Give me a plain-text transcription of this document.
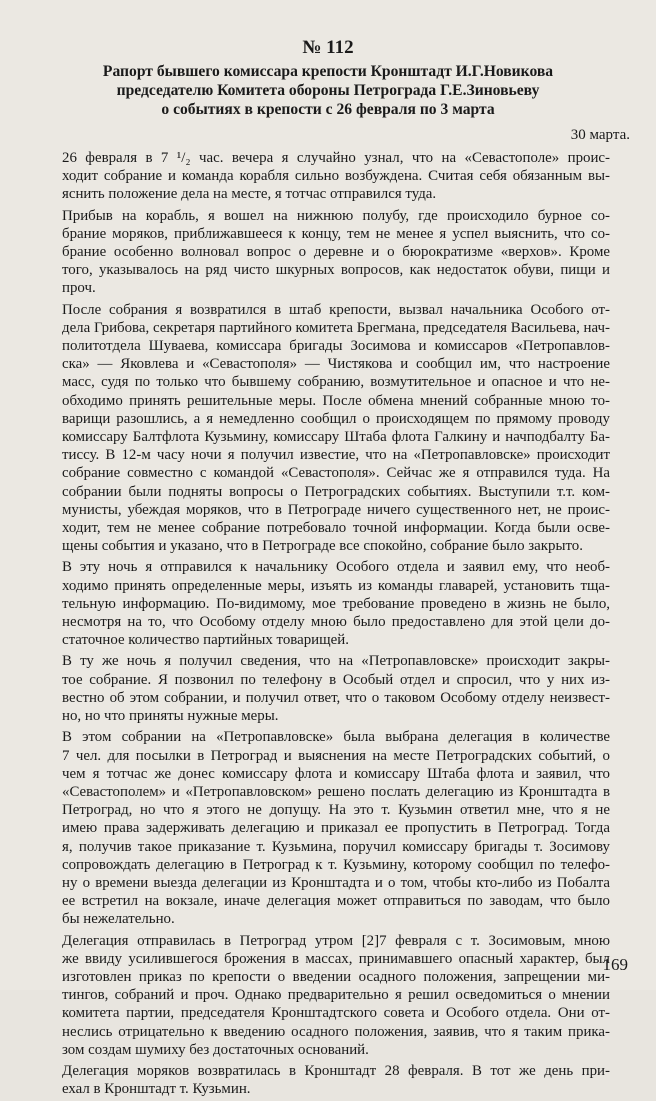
№ 112
Рапорт бывшего комиссара крепости Кронштадт И.Г.Новикова
председателю Комитета обороны Петрограда Г.Е.Зиновьеву
о событиях в крепости с 26 февраля по 3 марта
30 марта.
26 февраля в 7 ¹/₂ час. вечера я случайно узнал, что на «Севастополе» проис-
ходит собрание и команда корабля сильно возбуждена. Считая себя обязанным вы-
яснить положение дела на месте, я тотчас отправился туда.
Прибыв на корабль, я вошел на нижнюю полубу, где происходило бурное со-
брание моряков, приближавшееся к концу, тем не менее я успел выяснить, что со-
брание особенно волновал вопрос о деревне и о бюрократизме «верхов». Кроме
того, указывалось на ряд чисто шкурных вопросов, как недостаток обуви, пищи и
проч.
После собрания я возвратился в штаб крепости, вызвал начальника Особого от-
дела Грибова, секретаря партийного комитета Брегмана, председателя Васильева, нач-
политотдела Шуваева, комиссара бригады Зосимова и комиссаров «Петропавлов-
ска» — Яковлева и «Севастополя» — Чистякова и сообщил им, что настроение
масс, судя по только что бывшему собранию, возмутительное и опасное и что не-
обходимо принять решительные меры. После обмена мнений собранные мною то-
варищи разошлись, а я немедленно сообщил о происходящем по прямому проводу
комиссару Балтфлота Кузьмину, комиссару Штаба флота Галкину и начподбалту Ба-
тиссу. В 12-м часу ночи я получил известие, что на «Петропавловске» происходит
собрание совместно с командой «Севастополя». Сейчас же я отправился туда. На
собрании были подняты вопросы о Петроградских событиях. Выступили т.т. ком-
мунисты, убеждая моряков, что в Петрограде ничего существенного нет, не проис-
ходит, тем не менее собрание потребовало точной информации. Когда были осве-
щены события и указано, что в Петрограде все спокойно, собрание было закрыто.
В эту ночь я отправился к начальнику Особого отдела и заявил ему, что необ-
ходимо принять определенные меры, изъять из команды главарей, установить тща-
тельную информацию. По-видимому, мое требование проведено в жизнь не было,
несмотря на то, что Особому отделу мною было предоставлено для этой цели до-
статочное количество партийных товарищей.
В ту же ночь я получил сведения, что на «Петропавловске» происходит закры-
тое собрание. Я позвонил по телефону в Особый отдел и спросил, что у них из-
вестно об этом собрании, и получил ответ, что о таковом Особому отделу неизвест-
но, но что приняты нужные меры.
В этом собрании на «Петропавловске» была выбрана делегация в количестве
7 чел. для посылки в Петроград и выяснения на месте Петроградских событий, о
чем я тотчас же донес комиссару флота и комиссару Штаба флота и заявил, что
«Севастополем» и «Петропавловском» решено послать делегацию из Кронштадта в
Петроград, но что я этого не допущу. На это т. Кузьмин ответил мне, что я не
имею права задерживать делегацию и приказал ее пропустить в Петроград. Тогда
я, получив такое приказание т. Кузьмина, поручил комиссару бригады т. Зосимову
сопровождать делегацию в Петроград к т. Кузьмину, которому сообщил по телефо-
ну о времени выезда делегации из Кронштадта и о том, чтобы кто-либо из Побалта
ее встретил на вокзале, иначе делегация может отправиться по заводам, что было
бы нежелательно.
Делегация отправилась в Петроград утром [2]7 февраля с т. Зосимовым, мною
же ввиду усилившегося брожения в массах, принимавшего опасный характер, был
изготовлен приказ по крепости о введении осадного положения, запрещении ми-
тингов, собраний и проч. Однако предварительно я решил осведомиться о мнении
комитета партии, председателя Кронштадтского совета и Особого отдела. Они от-
неслись отрицательно к введению осадного положения, заявив, что я таким прика-
зом создам шумиху без достаточных оснований.
Делегация моряков возвратилась в Кронштадт 28 февраля. В тот же день при-
ехал в Кронштадт т. Кузьмин.
169
